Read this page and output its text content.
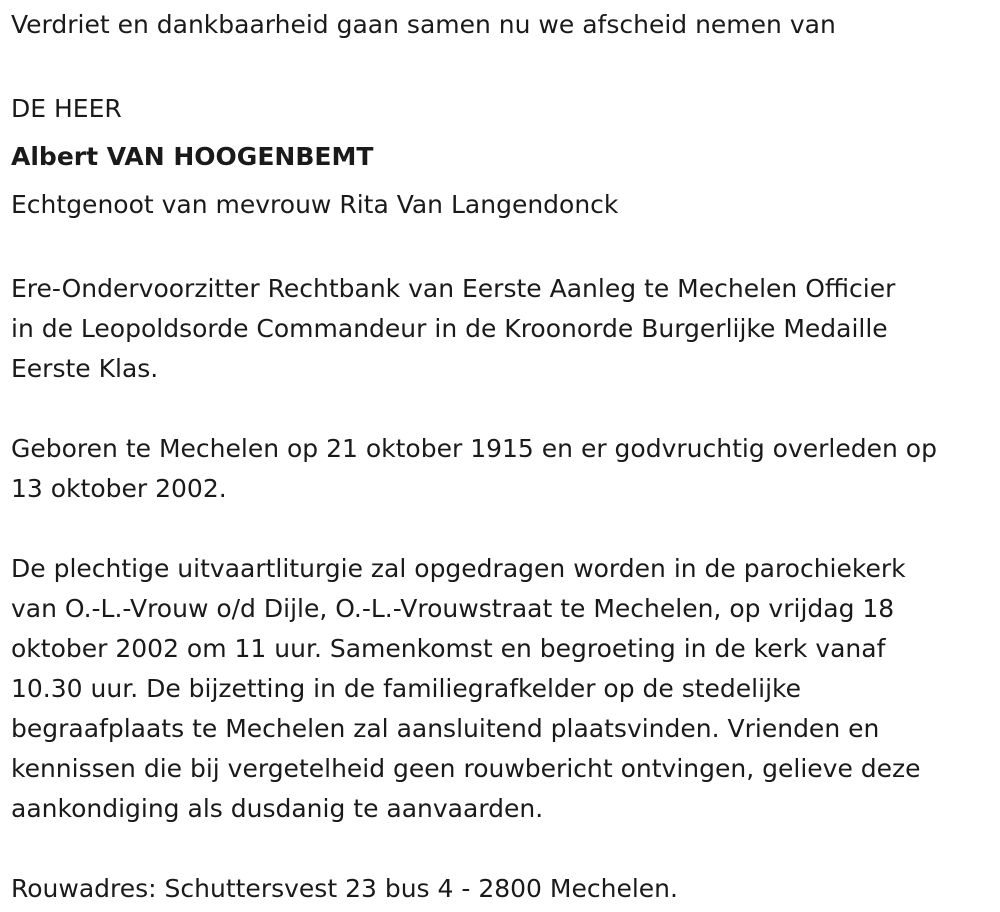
Verdriet en dankbaarheid gaan samen nu we afscheid nemen van

DE HEER

Albert VAN HOOGENBEMT

Echtgenoot van mevrouw Rita Van Langendonck

Ere-Ondervoorzitter Rechtbank van Eerste Aanleg te Mechelen Officier
in de Leopoldsorde Commandeur in de Kroonorde Burgerlijke Medaille
Eerste Klas.
Geboren te Mechelen op 21 oktober 1915 en er godvruchtig overleden op
13 oktober 2002.
De plechtige uitvaartliturgie zal opgedragen worden in de parochiekerk
van O.-L.-Vrouw o/d Dijle, O.-L.-Vrouwstraat te Mechelen, op vrijdag 18
oktober 2002 om 11 uur. Samenkomst en begroeting in de kerk vanaf
10.30 uur. De bijzetting in de familiegrafkelder op de stedelijke
begraafplaats te Mechelen zal aansluitend plaatsvinden. Vrienden en
kennissen die bij vergetelheid geen rouwbericht ontvingen, gelieve deze
aankondiging als dusdanig te aanvaarden.

Rouwadres: Schuttersvest 23 bus 4 - 2800 Mechelen.
